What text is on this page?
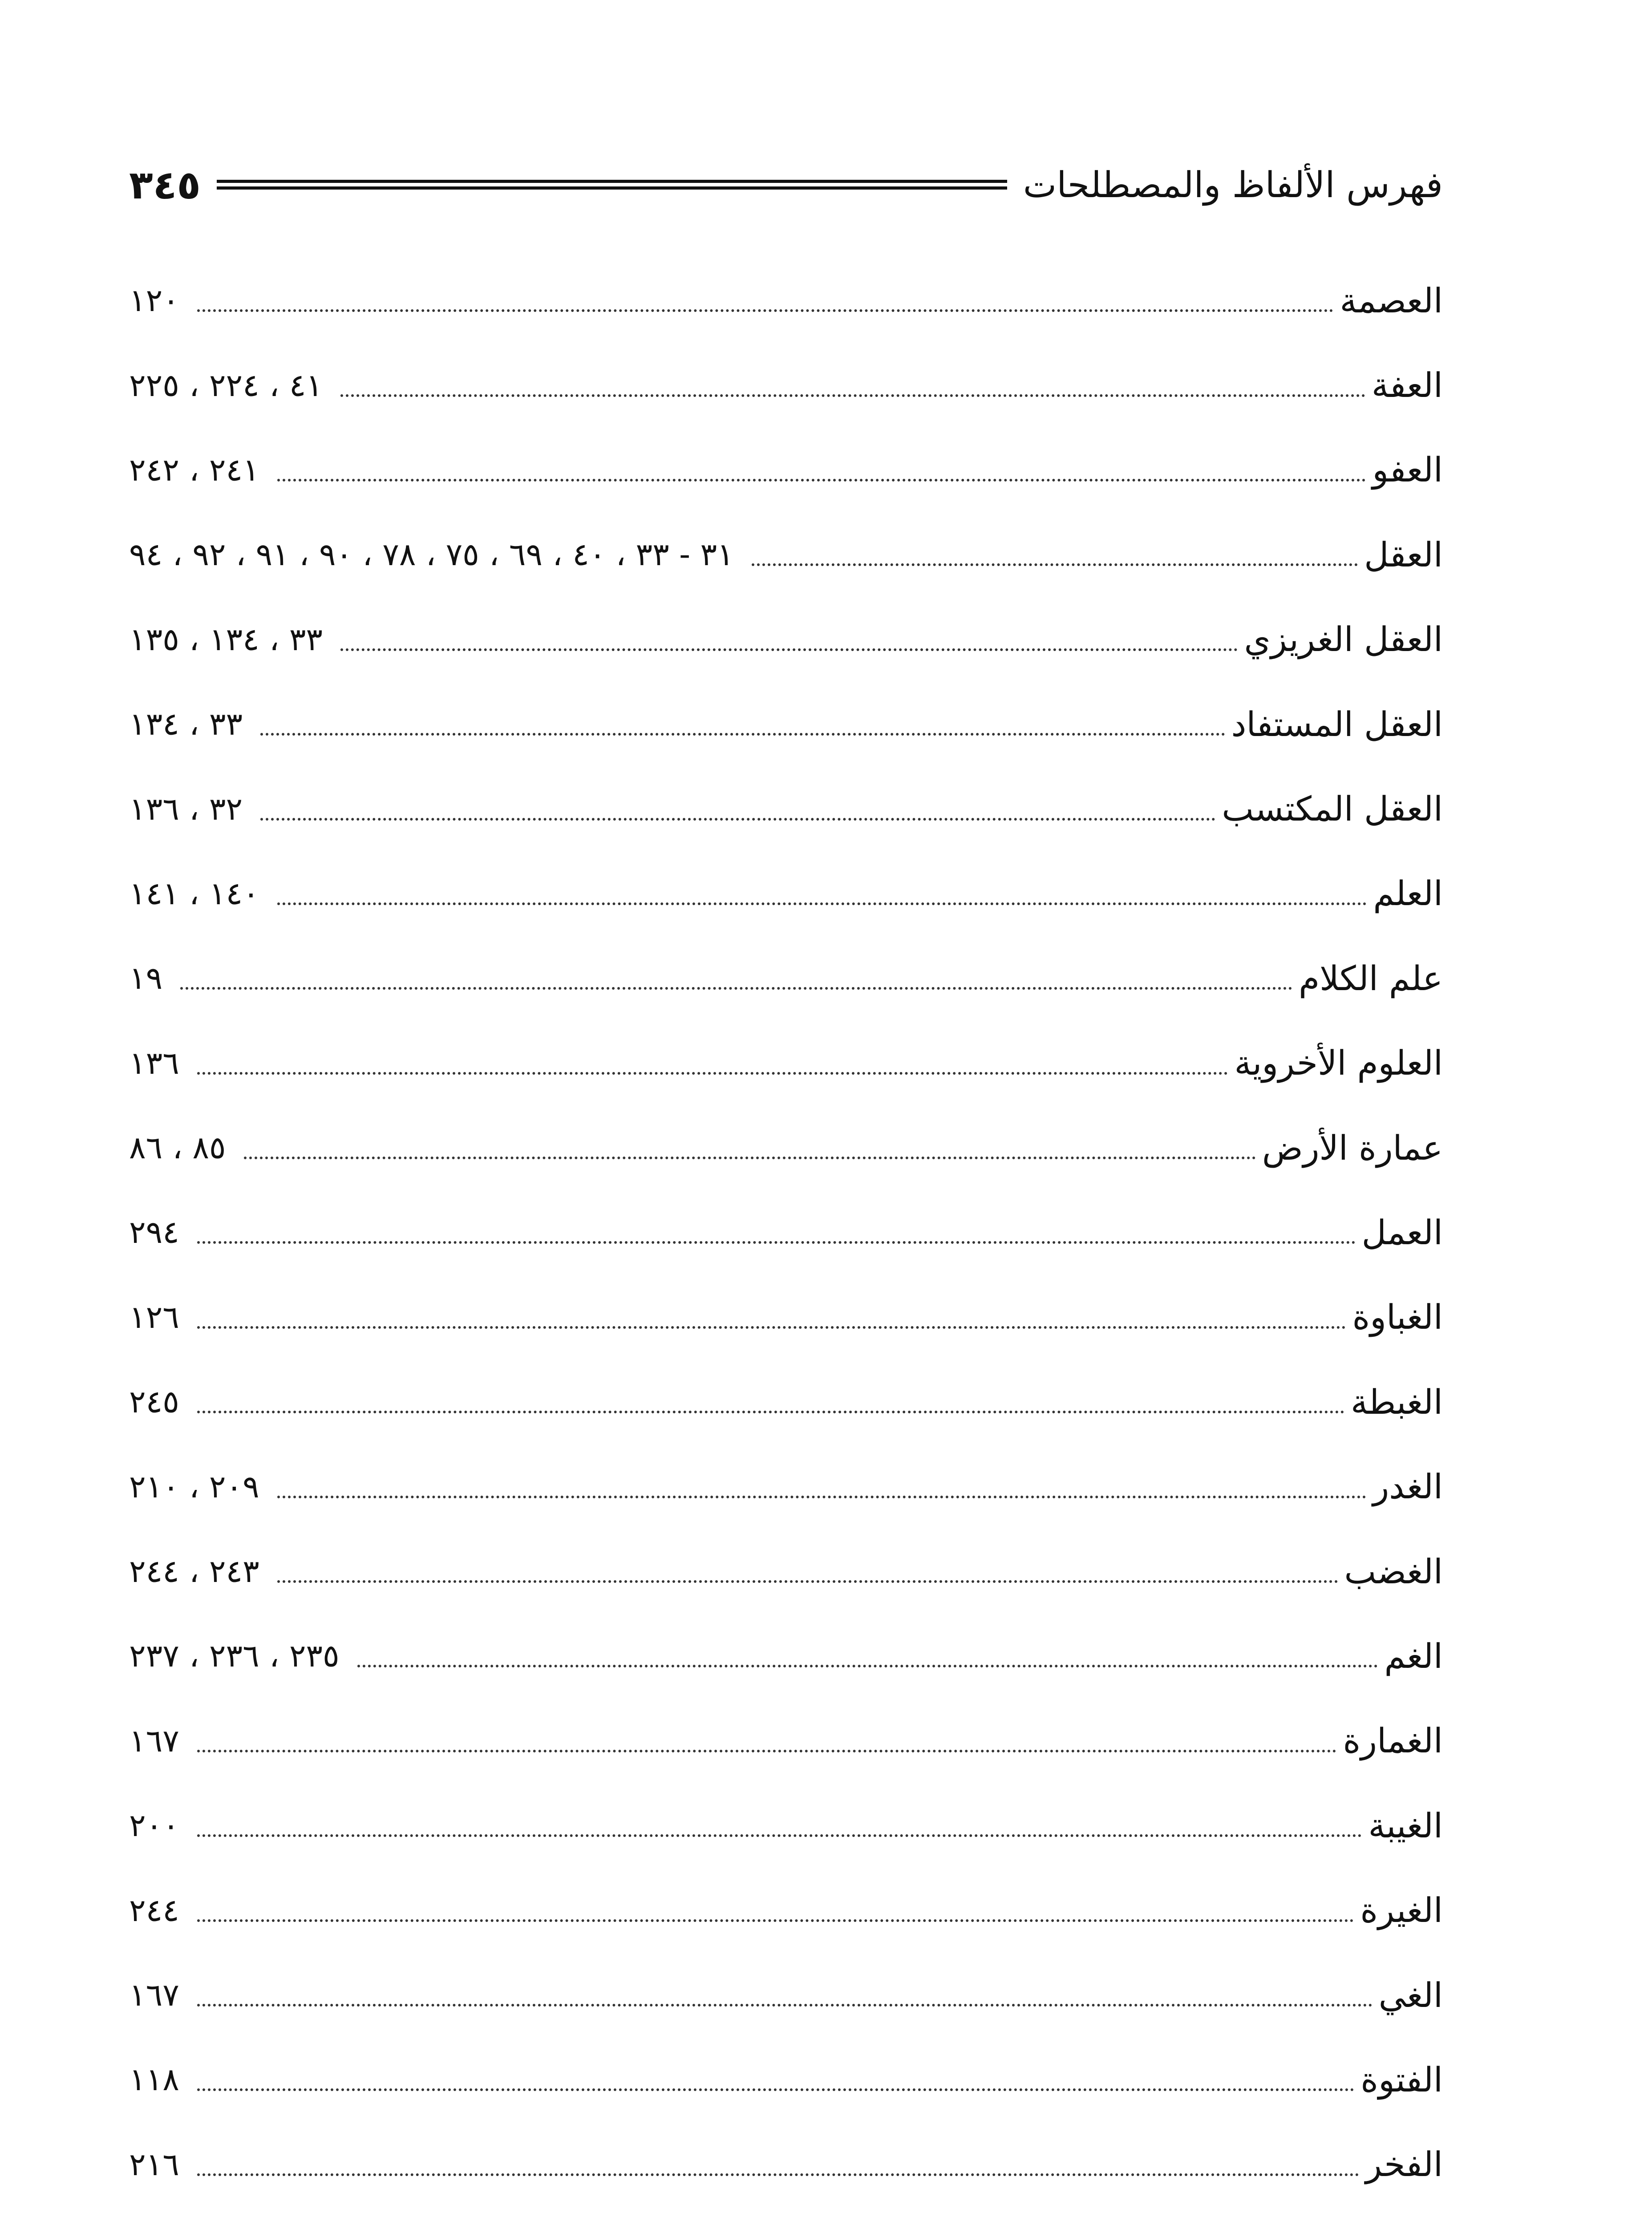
فهرس الألفاظ والمصطلحات
٣٤٥
العصمة
١٢٠
العفة
٤١ ، ٢٢٤ ، ٢٢٥
العفو
٢٤١ ، ٢٤٢
العقل
٣١ - ٣٣ ، ٤٠ ، ٦٩ ، ٧٥ ، ٧٨ ، ٩٠ ، ٩١ ، ٩٢ ، ٩٤
العقل الغريزي
٣٣ ، ١٣٤ ، ١٣٥
العقل المستفاد
٣٣ ، ١٣٤
العقل المكتسب
٣٢ ، ١٣٦
العلم
١٤٠ ، ١٤١
علم الكلام
١٩
العلوم الأخروية
١٣٦
عمارة الأرض
٨٥ ، ٨٦
العمل
٢٩٤
الغباوة
١٢٦
الغبطة
٢٤٥
الغدر
٢٠٩ ، ٢١٠
الغضب
٢٤٣ ، ٢٤٤
الغم
٢٣٥ ، ٢٣٦ ، ٢٣٧
الغمارة
١٦٧
الغيبة
٢٠٠
الغيرة
٢٤٤
الغي
١٦٧
الفتوة
١١٨
الفخر
٢١٦
